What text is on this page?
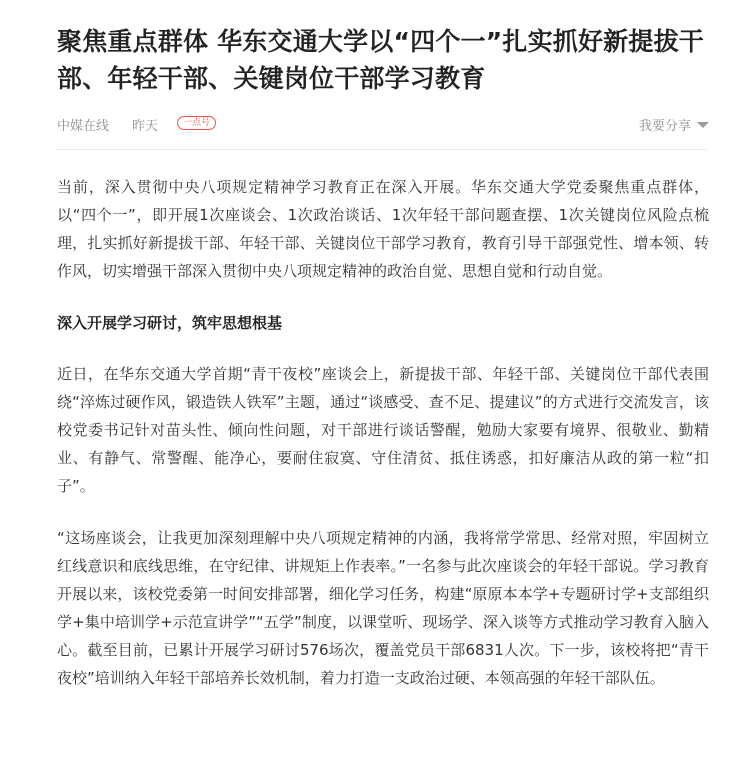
聚焦重点群体 华东交通大学以“四个一”扎实抓好新提拔干部、年轻干部、关键岗位干部学习教育
中媒在线 昨天	一点号	我要分享

当前，深入贯彻中央八项规定精神学习教育正在深入开展。华东交通大学党委聚焦重点群体，以“四个一”，即开展1次座谈会、1次政治谈话、1次年轻干部问题查摆、1次关键岗位风险点梳理，扎实抓好新提拔干部、年轻干部、关键岗位干部学习教育，教育引导干部强党性、增本领、转作风，切实增强干部深入贯彻中央八项规定精神的政治自觉、思想自觉和行动自觉。

深入开展学习研讨，筑牢思想根基

近日，在华东交通大学首期“青干夜校”座谈会上，新提拔干部、年轻干部、关键岗位干部代表围绕“淬炼过硬作风，锻造铁人铁军”主题，通过“谈感受、查不足、提建议”的方式进行交流发言，该校党委书记针对苗头性、倾向性问题，对干部进行谈话警醒，勉励大家要有境界、很敬业、勤精业、有静气、常警醒、能净心，要耐住寂寞、守住清贫、抵住诱惑，扣好廉洁从政的第一粒“扣子”。

“这场座谈会，让我更加深刻理解中央八项规定精神的内涵，我将常学常思、经常对照，牢固树立红线意识和底线思维，在守纪律、讲规矩上作表率。”一名参与此次座谈会的年轻干部说。学习教育开展以来，该校党委第一时间安排部署，细化学习任务，构建“原原本本学+专题研讨学+支部组织学+集中培训学+示范宣讲学”“五学”制度，以课堂听、现场学、深入谈等方式推动学习教育入脑入心。截至目前，已累计开展学习研讨576场次，覆盖党员干部6831人次。下一步，该校将把“青干夜校”培训纳入年轻干部培养长效机制，着力打造一支政治过硬、本领高强的年轻干部队伍。
